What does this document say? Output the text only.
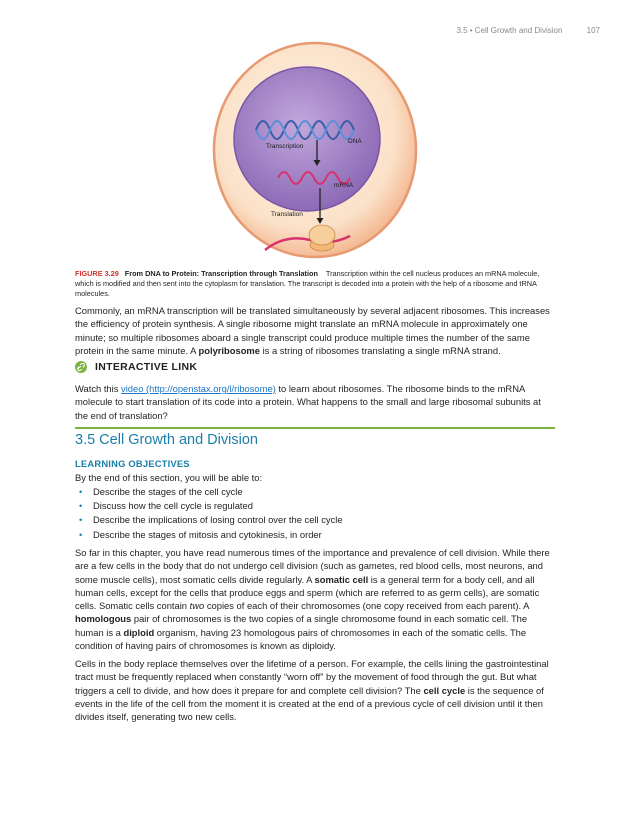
3.5 • Cell Growth and Division	107
Transcription
DNA
mRNA
Translation
FIGURE 3.29 From DNA to Protein: Transcription through Translation Transcription within the cell nucleus produces an mRNA molecule, which is modified and then sent into the cytoplasm for translation. The transcript is decoded into a protein with the help of a ribosome and tRNA molecules.

Commonly, an mRNA transcription will be translated simultaneously by several adjacent ribosomes. This increases the efficiency of protein synthesis. A single ribosome might translate an mRNA molecule in approximately one minute; so multiple ribosomes aboard a single transcript could produce multiple times the number of the same protein in the same minute. A polyribosome is a string of ribosomes translating a single mRNA strand.

INTERACTIVE LINK

Watch this video (http://openstax.org/l/ribosome) to learn about ribosomes. The ribosome binds to the mRNA molecule to start translation of its code into a protein. What happens to the small and large ribosomal subunits at the end of translation?

3.5 Cell Growth and Division
LEARNING OBJECTIVES

By the end of this section, you will be able to:

• Describe the stages of the cell cycle
• Discuss how the cell cycle is regulated
• Describe the implications of losing control over the cell cycle
• Describe the stages of mitosis and cytokinesis, in order

So far in this chapter, you have read numerous times of the importance and prevalence of cell division. While there are a few cells in the body that do not undergo cell division (such as gametes, red blood cells, most neurons, and some muscle cells), most somatic cells divide regularly. A somatic cell is a general term for a body cell, and all human cells, except for the cells that produce eggs and sperm (which are referred to as germ cells), are somatic cells. Somatic cells contain two copies of each of their chromosomes (one copy received from each parent). A homologous pair of chromosomes is the two copies of a single chromosome found in each somatic cell. The human is a diploid organism, having 23 homologous pairs of chromosomes in each of the somatic cells. The condition of having pairs of chromosomes is known as diploidy.

Cells in the body replace themselves over the lifetime of a person. For example, the cells lining the gastrointestinal tract must be frequently replaced when constantly “worn off” by the movement of food through the gut. But what triggers a cell to divide, and how does it prepare for and complete cell division? The cell cycle is the sequence of events in the life of the cell from the moment it is created at the end of a previous cycle of cell division until it then divides itself, generating two new cells.
